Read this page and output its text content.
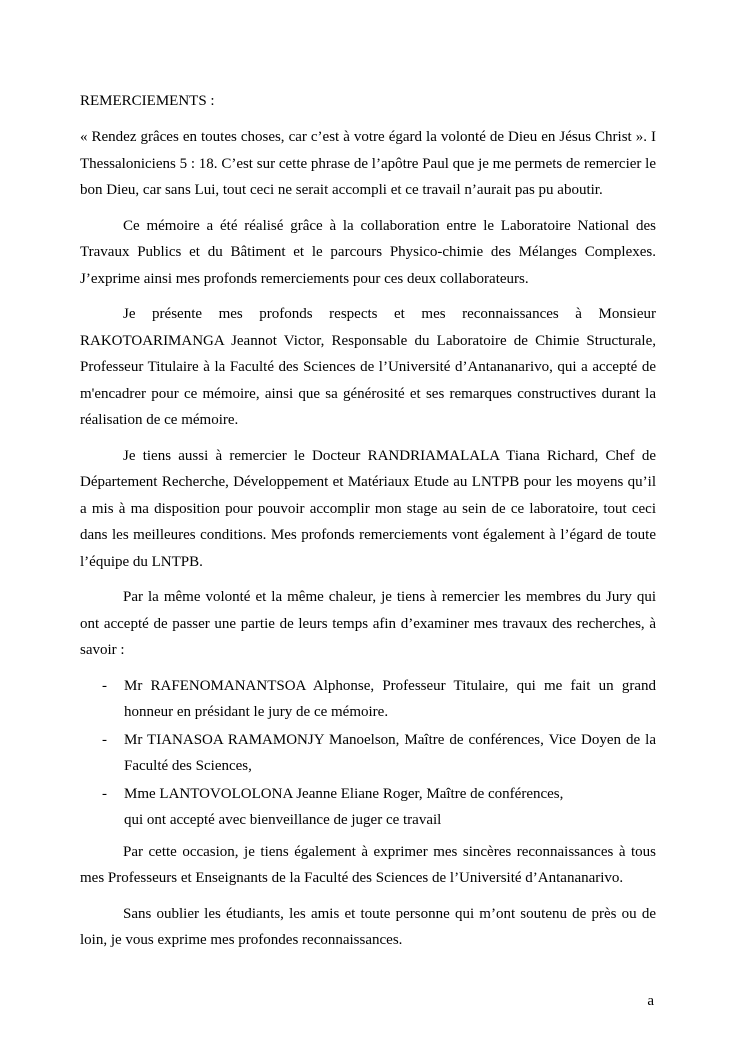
REMERCIEMENTS :

« Rendez grâces en toutes choses, car c’est à votre égard la volonté de Dieu en Jésus Christ ». I Thessaloniciens 5 : 18. C’est sur cette phrase de l’apôtre Paul que je me permets de remercier le bon Dieu, car sans Lui, tout ceci ne serait accompli et ce travail n’aurait pas pu aboutir.

Ce mémoire a été réalisé grâce à la collaboration entre le Laboratoire National des Travaux Publics et du Bâtiment et le parcours Physico-chimie des Mélanges Complexes. J’exprime ainsi mes profonds remerciements pour ces deux collaborateurs.

Je présente mes profonds respects et mes reconnaissances à Monsieur RAKOTOARIMANGA Jeannot Victor, Responsable du Laboratoire de Chimie Structurale, Professeur Titulaire à la Faculté des Sciences de l’Université d’Antananarivo, qui a accepté de m'encadrer pour ce mémoire, ainsi que sa générosité et ses remarques constructives durant la réalisation de ce mémoire.

Je tiens aussi à remercier le Docteur RANDRIAMALALA Tiana Richard, Chef de Département Recherche, Développement et Matériaux Etude au LNTPB pour les moyens qu’il a mis à ma disposition pour pouvoir accomplir mon stage au sein de ce laboratoire, tout ceci dans les meilleures conditions. Mes profonds remerciements vont également à l’égard de toute l’équipe du LNTPB.

Par la même volonté et la même chaleur, je tiens à remercier les membres du Jury qui ont accepté de passer une partie de leurs temps afin d’examiner mes travaux des recherches, à savoir :

- Mr RAFENOMANANTSOA Alphonse, Professeur Titulaire, qui me fait un grand honneur en présidant le jury de ce mémoire.
- Mr TIANASOA RAMAMONJY Manoelson, Maître de conférences, Vice Doyen de la Faculté des Sciences,
- Mme LANTOVOLOLONA Jeanne Eliane Roger, Maître de conférences,
qui ont accepté avec bienveillance de juger ce travail

Par cette occasion, je tiens également à exprimer mes sincères reconnaissances à tous mes Professeurs et Enseignants de la Faculté des Sciences de l’Université d’Antananarivo.

Sans oublier les étudiants, les amis et toute personne qui m’ont soutenu de près ou de loin, je vous exprime mes profondes reconnaissances.

a
